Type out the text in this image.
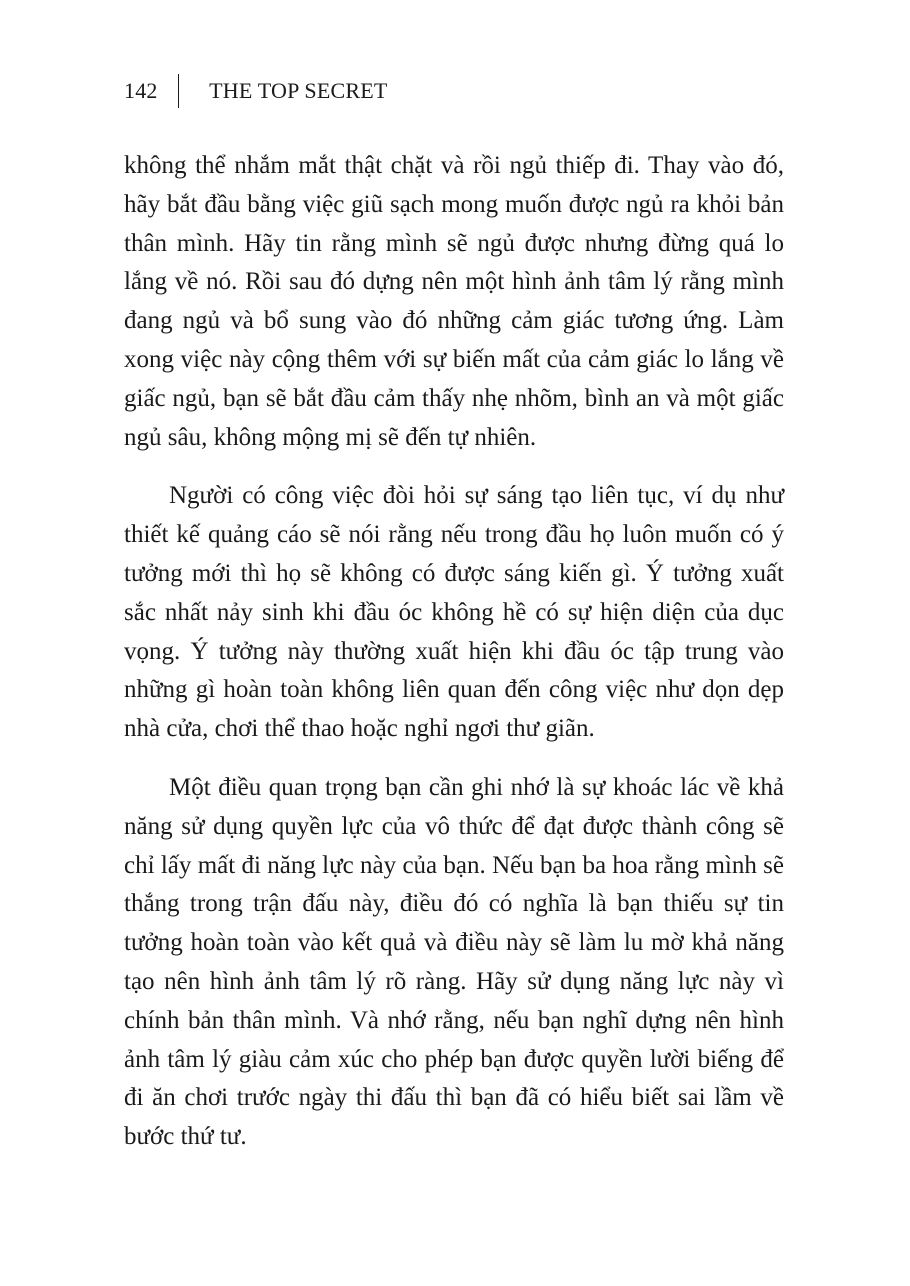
142 THE TOP SECRET

không thể nhắm mắt thật chặt và rồi ngủ thiếp đi. Thay vào đó, hãy bắt đầu bằng việc giũ sạch mong muốn được ngủ ra khỏi bản thân mình. Hãy tin rằng mình sẽ ngủ được nhưng đừng quá lo lắng về nó. Rồi sau đó dựng nên một hình ảnh tâm lý rằng mình đang ngủ và bổ sung vào đó những cảm giác tương ứng. Làm xong việc này cộng thêm với sự biến mất của cảm giác lo lắng về giấc ngủ, bạn sẽ bắt đầu cảm thấy nhẹ nhõm, bình an và một giấc ngủ sâu, không mộng mị sẽ đến tự nhiên.

Người có công việc đòi hỏi sự sáng tạo liên tục, ví dụ như thiết kế quảng cáo sẽ nói rằng nếu trong đầu họ luôn muốn có ý tưởng mới thì họ sẽ không có được sáng kiến gì. Ý tưởng xuất sắc nhất nảy sinh khi đầu óc không hề có sự hiện diện của dục vọng. Ý tưởng này thường xuất hiện khi đầu óc tập trung vào những gì hoàn toàn không liên quan đến công việc như dọn dẹp nhà cửa, chơi thể thao hoặc nghỉ ngơi thư giãn.

Một điều quan trọng bạn cần ghi nhớ là sự khoác lác về khả năng sử dụng quyền lực của vô thức để đạt được thành công sẽ chỉ lấy mất đi năng lực này của bạn. Nếu bạn ba hoa rằng mình sẽ thắng trong trận đấu này, điều đó có nghĩa là bạn thiếu sự tin tưởng hoàn toàn vào kết quả và điều này sẽ làm lu mờ khả năng tạo nên hình ảnh tâm lý rõ ràng. Hãy sử dụng năng lực này vì chính bản thân mình. Và nhớ rằng, nếu bạn nghĩ dựng nên hình ảnh tâm lý giàu cảm xúc cho phép bạn được quyền lười biếng để đi ăn chơi trước ngày thi đấu thì bạn đã có hiểu biết sai lầm về bước thứ tư.
